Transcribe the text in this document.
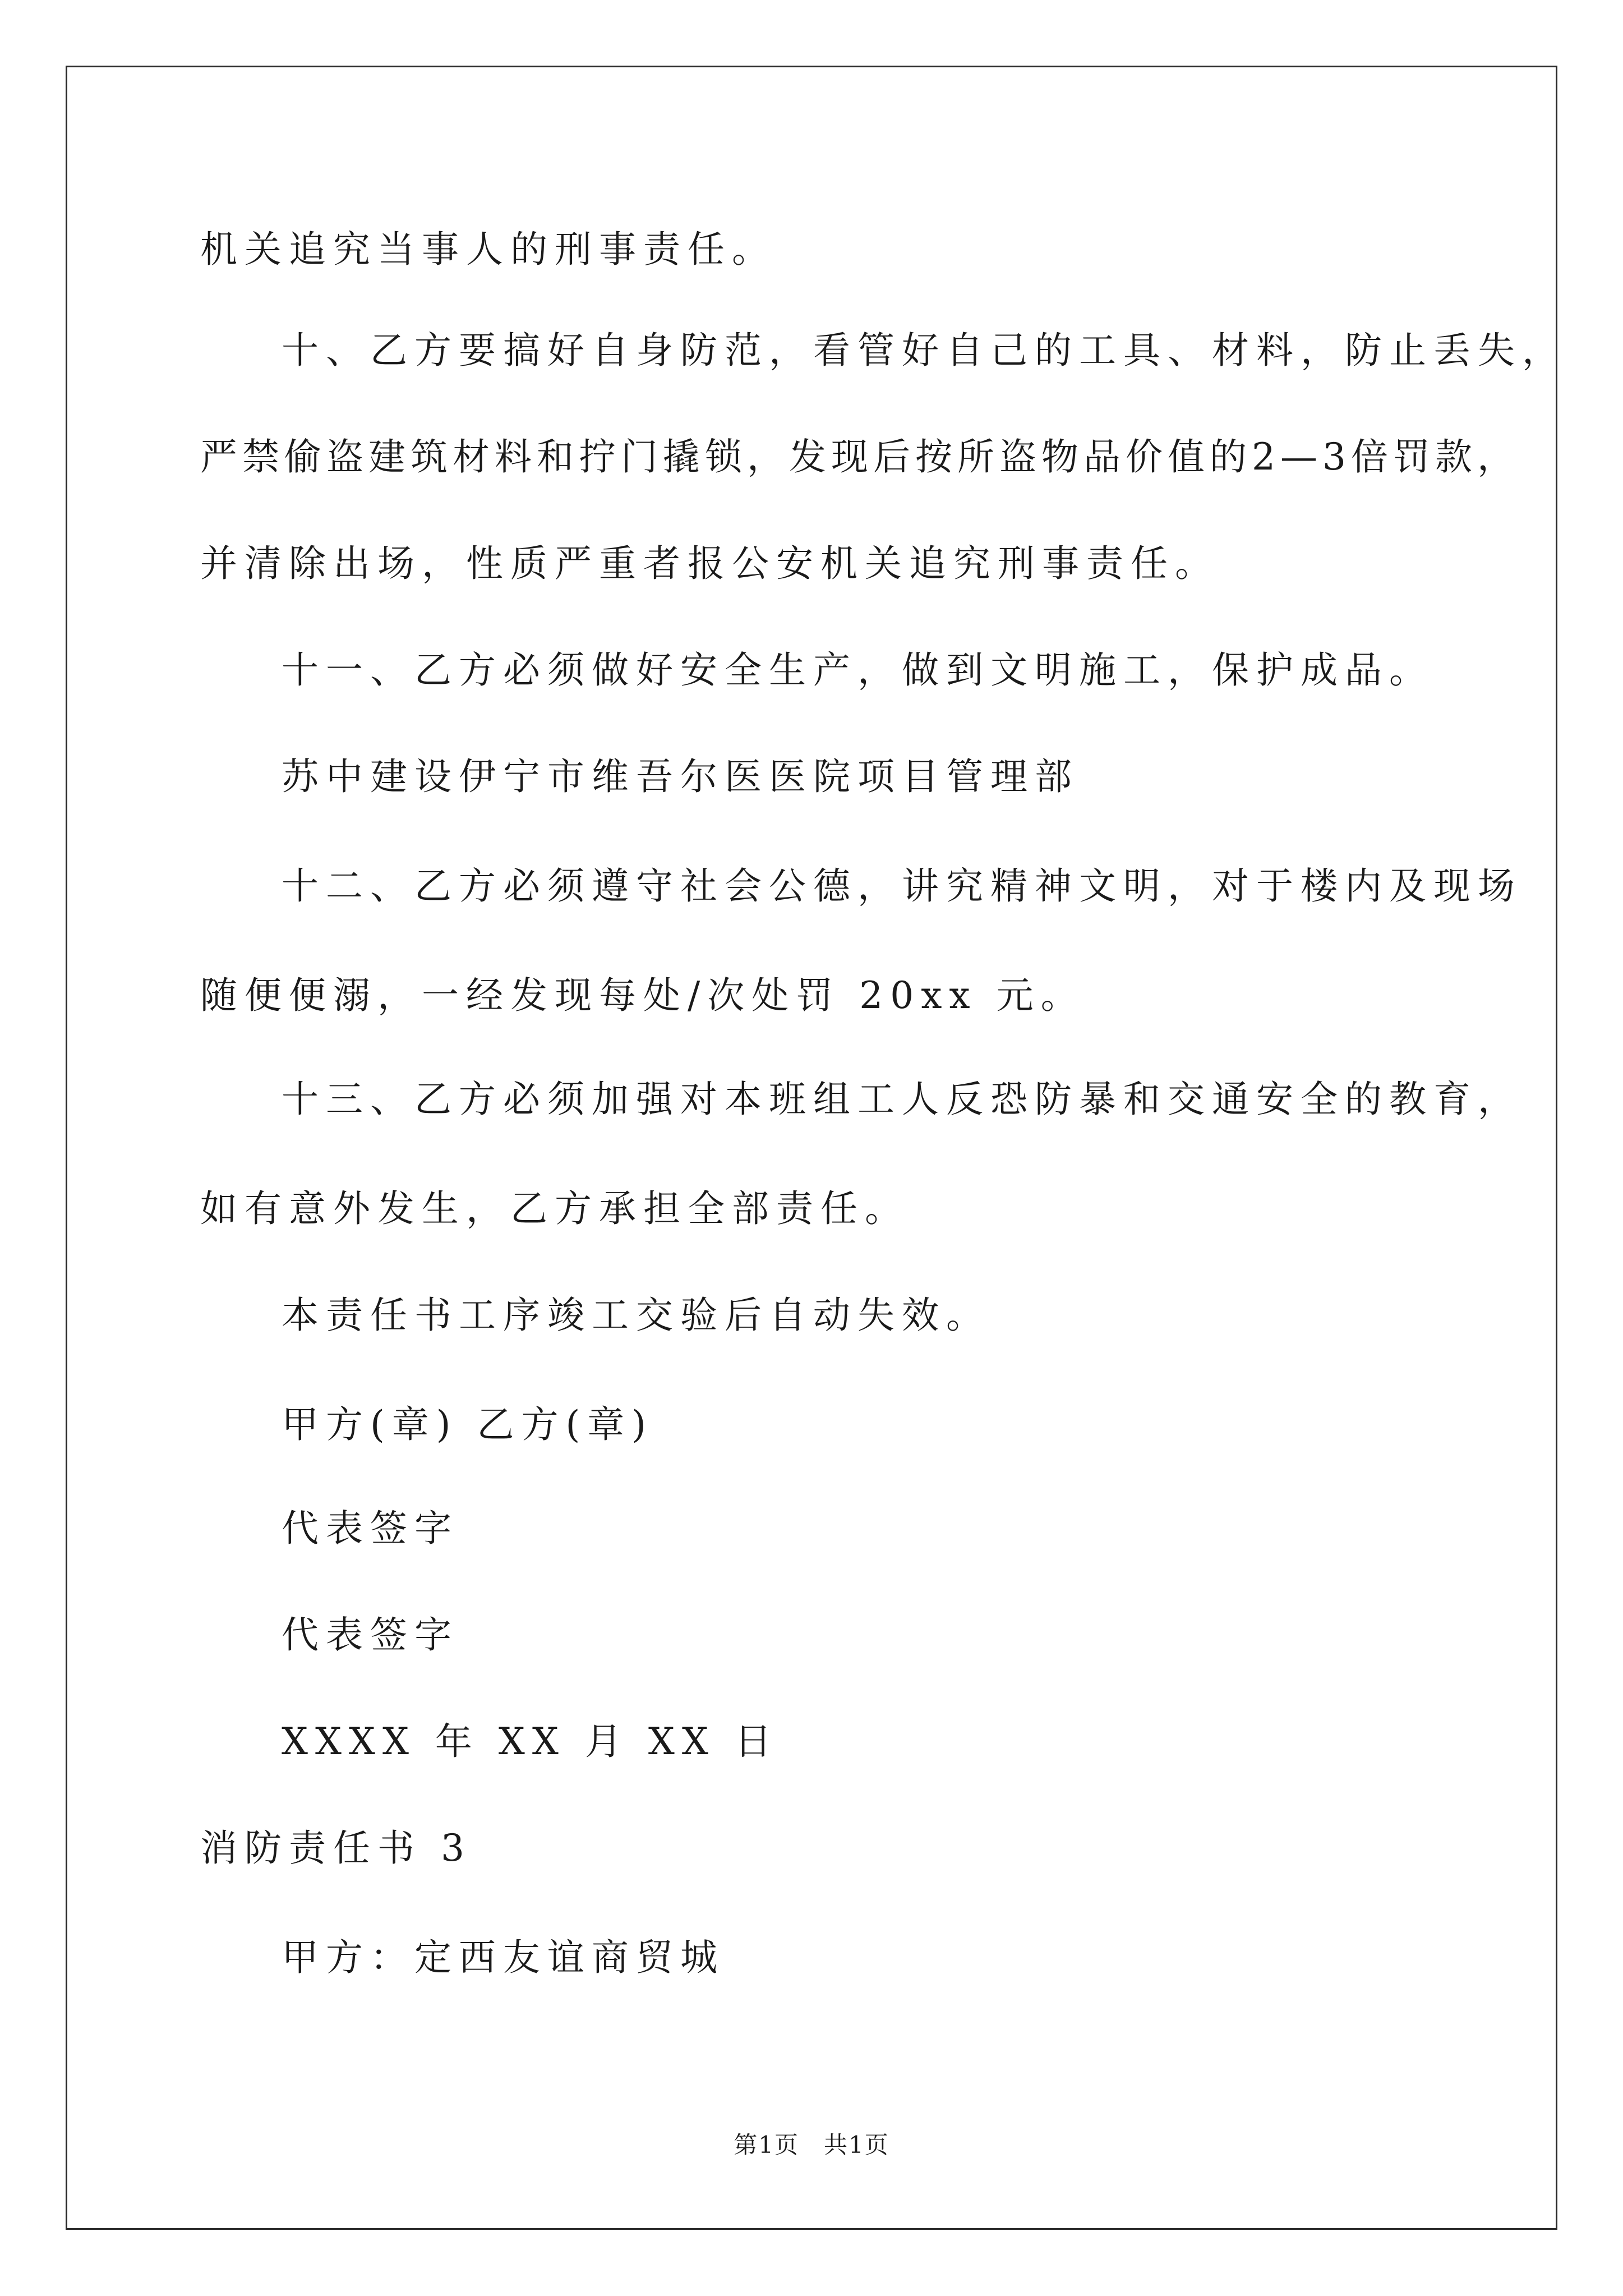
机关追究当事人的刑事责任。

十、乙方要搞好自身防范，看管好自己的工具、材料，防止丢失，

严禁偷盗建筑材料和拧门撬锁，发现后按所盗物品价值的2—3倍罚款，

并清除出场，性质严重者报公安机关追究刑事责任。

十一、乙方必须做好安全生产，做到文明施工，保护成品。

苏中建设伊宁市维吾尔医医院项目管理部

十二、乙方必须遵守社会公德，讲究精神文明，对于楼内及现场

随便便溺，一经发现每处/次处罚 20xx 元。

十三、乙方必须加强对本班组工人反恐防暴和交通安全的教育，

如有意外发生，乙方承担全部责任。

本责任书工序竣工交验后自动失效。

甲方(章) 乙方(章)

代表签字

代表签字

XXXX 年 XX 月 XX 日

消防责任书 3

甲方：定西友谊商贸城

第1页　共1页
